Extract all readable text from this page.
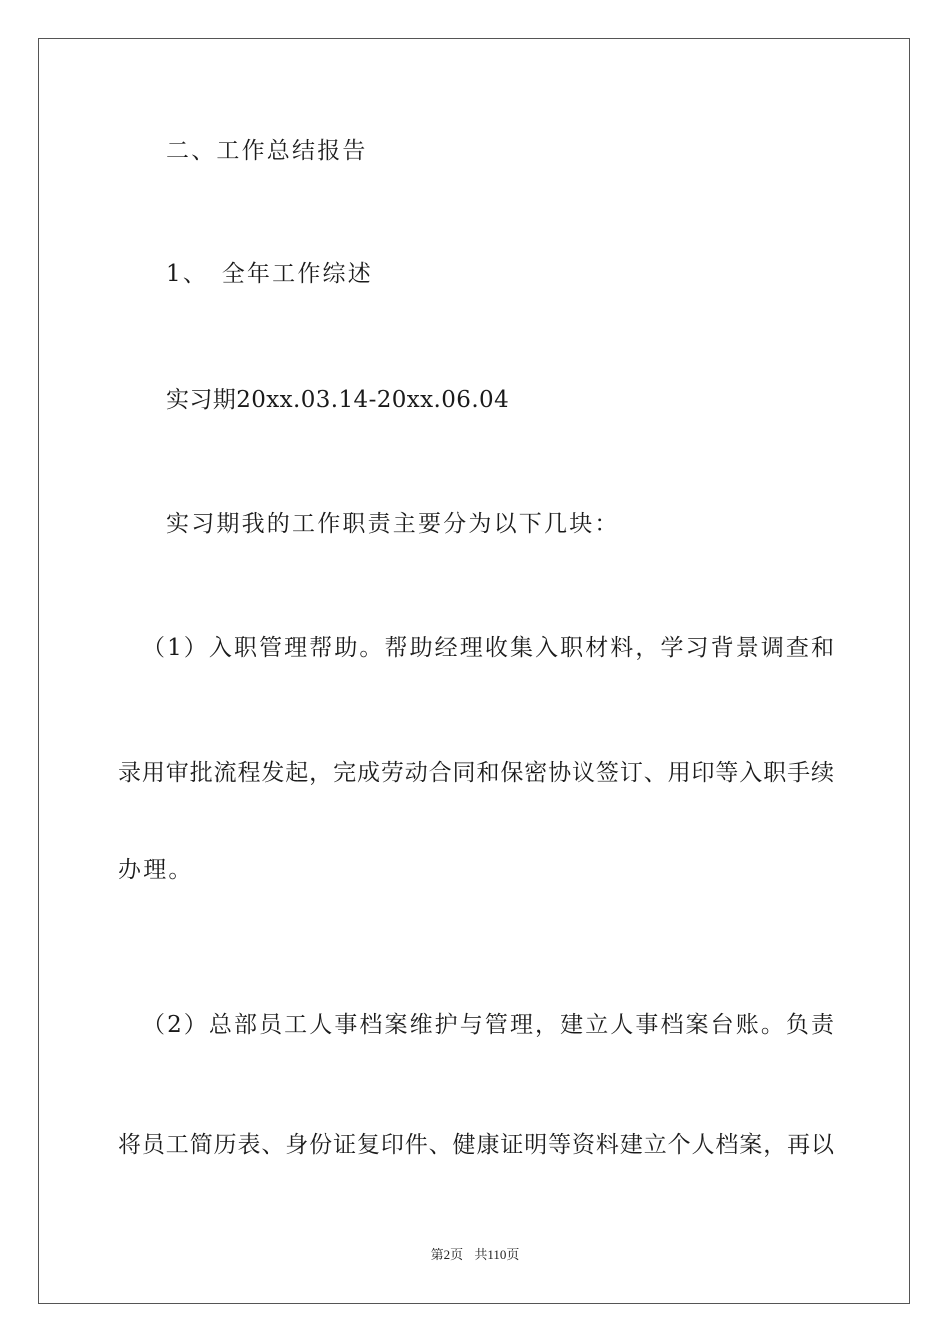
二、工作总结报告
1、　全年工作综述
实习期20xx.03.14-20xx.06.04
实习期我的工作职责主要分为以下几块：
（1）入职管理帮助。帮助经理收集入职材料，学习背景调查和
录用审批流程发起，完成劳动合同和保密协议签订、用印等入职手续
办理。
（2）总部员工人事档案维护与管理，建立人事档案台账。负责
将员工简历表、身份证复印件、健康证明等资料建立个人档案，再以
第2页 共110页
